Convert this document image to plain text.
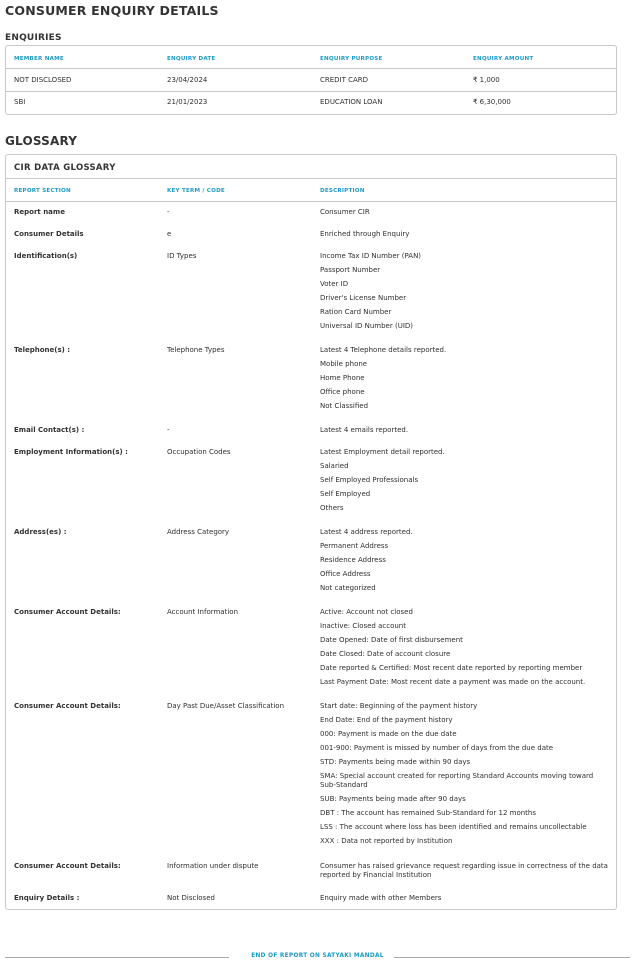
CONSUMER ENQUIRY DETAILS
ENQUIRIES
MEMBER NAME	ENQUIRY DATE	ENQUIRY PURPOSE	ENQUIRY AMOUNT
NOT DISCLOSED	23/04/2024	CREDIT CARD	₹ 1,000
SBI	21/01/2023	EDUCATION LOAN	₹ 6,30,000
GLOSSARY
CIR DATA GLOSSARY
REPORT SECTION	KEY TERM / CODE	DESCRIPTION
Report name	-	Consumer CIR
Consumer Details	e	Enriched through Enquiry
Identification(s)	ID Types	Income Tax ID Number (PAN)
Passport Number
Voter ID
Driver's License Number
Ration Card Number
Universal ID Number (UID)
Telephone(s) :	Telephone Types	Latest 4 Telephone details reported.
Mobile phone
Home Phone
Office phone
Not Classified
Email Contact(s) :	-	Latest 4 emails reported.
Employment Information(s) :	Occupation Codes	Latest Employment detail reported.
Salaried
Self Employed Professionals
Self Employed
Others
Address(es) :	Address Category	Latest 4 address reported.
Permanent Address
Residence Address
Office Address
Not categorized
Consumer Account Details:	Account Information	Active: Account not closed
Inactive: Closed account
Date Opened: Date of first disbursement
Date Closed: Date of account closure
Date reported & Certified: Most recent date reported by reporting member
Last Payment Date: Most recent date a payment was made on the account.
Consumer Account Details:	Day Past Due/Asset Classification	Start date: Beginning of the payment history
End Date: End of the payment history
000: Payment is made on the due date
001-900: Payment is missed by number of days from the due date
STD: Payments being made within 90 days
SMA: Special account created for reporting Standard Accounts moving toward Sub-Standard
SUB: Payments being made after 90 days
DBT : The account has remained Sub-Standard for 12 months
LSS : The account where loss has been identified and remains uncollectable
XXX : Data not reported by Institution
Consumer Account Details:	Information under dispute	Consumer has raised grievance request regarding issue in correctness of the data reported by Financial Institution
Enquiry Details :	Not Disclosed	Enquiry made with other Members
END OF REPORT ON SATYAKI MANDAL
